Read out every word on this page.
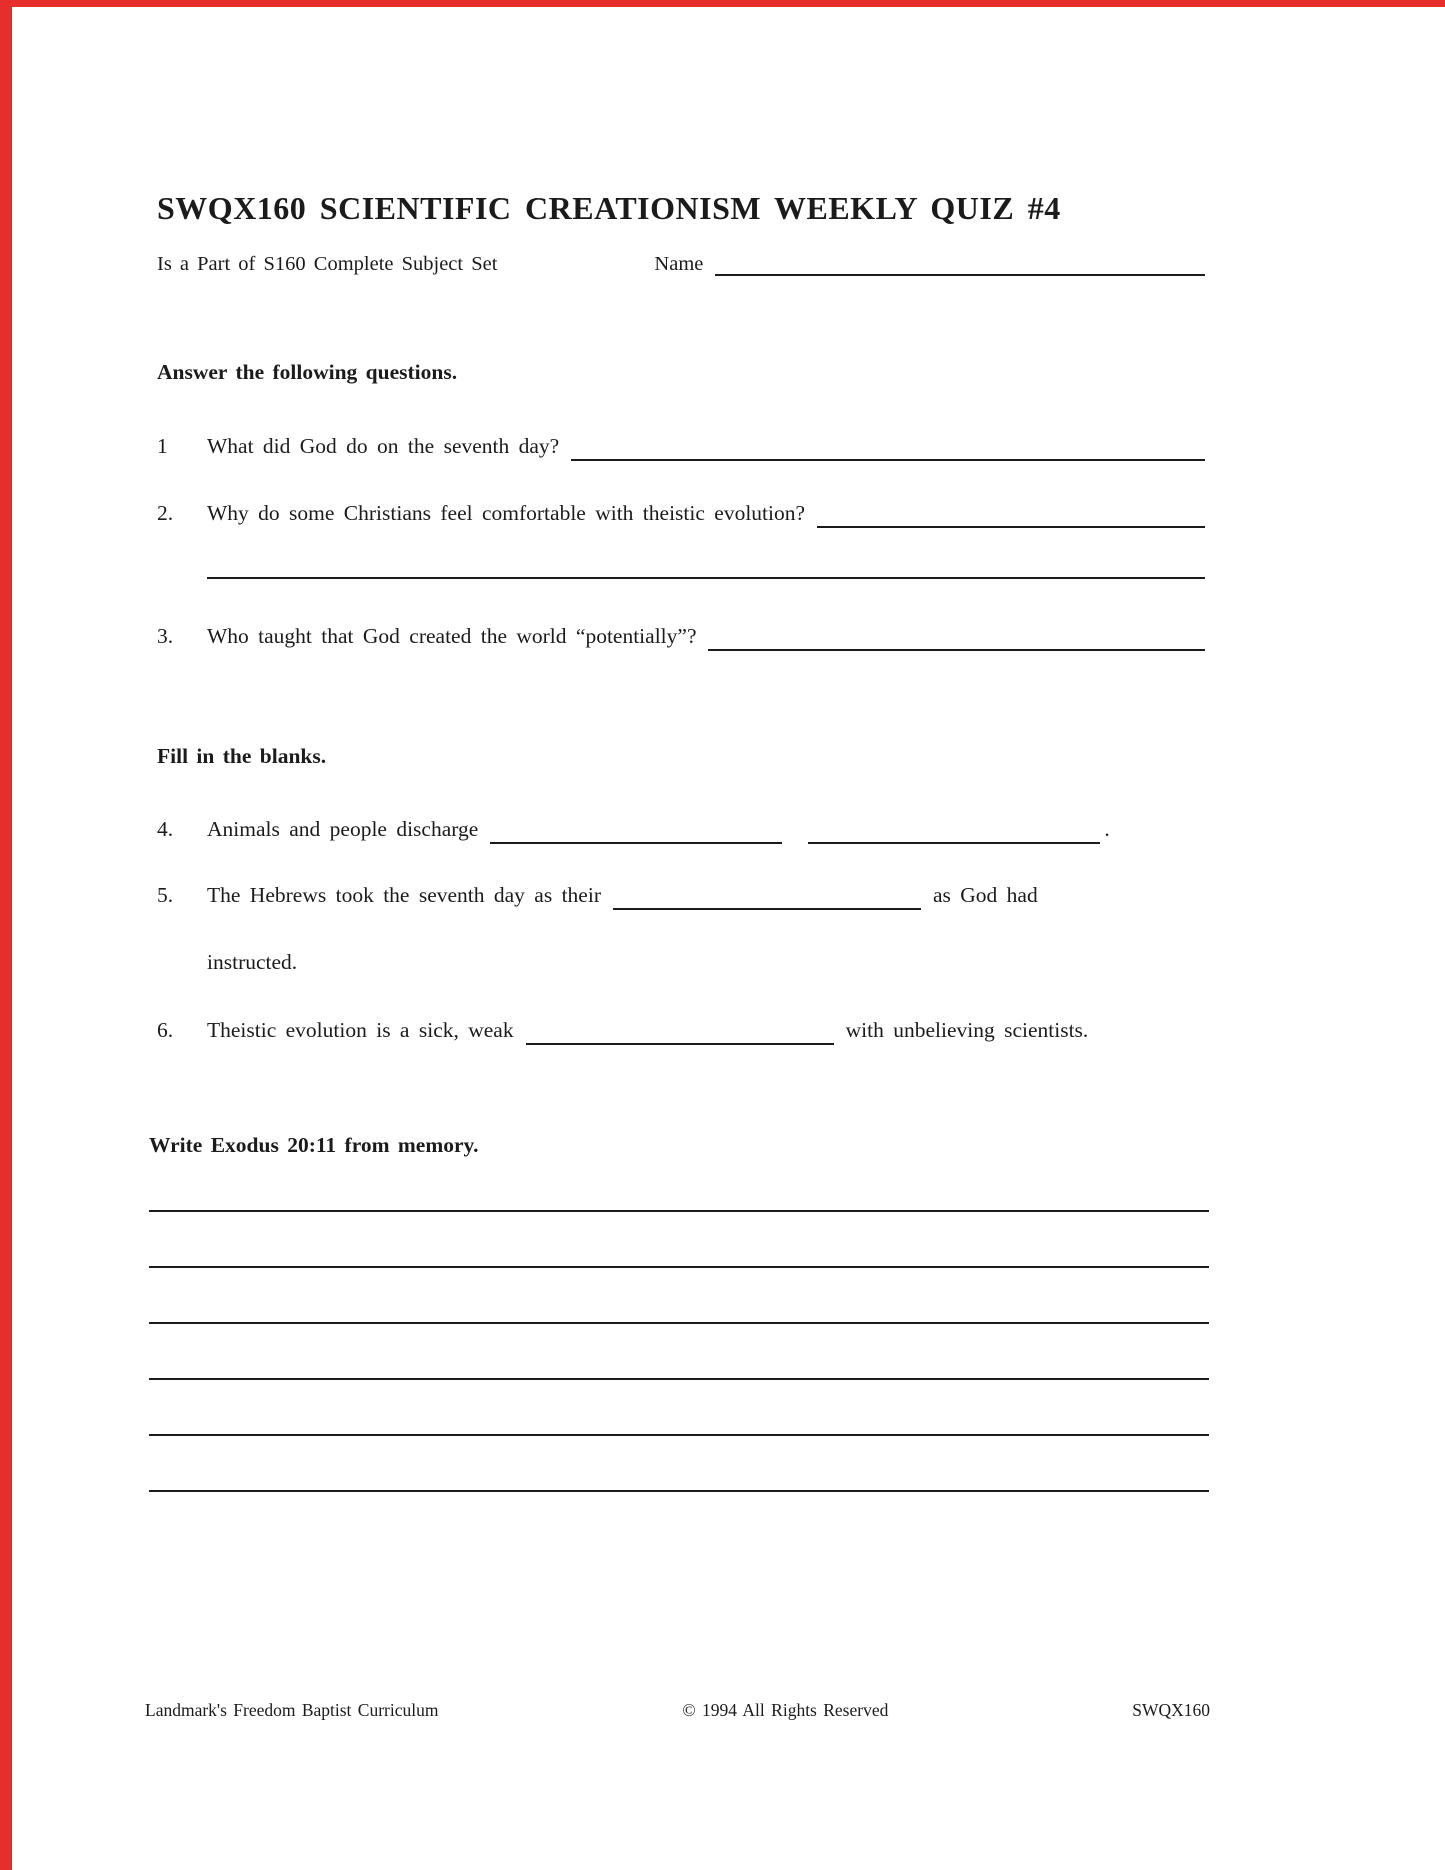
SWQX160 SCIENTIFIC CREATIONISM WEEKLY QUIZ #4
Is a Part of S160 Complete Subject Set	Name
Answer the following questions.
1	What did God do on the seventh day?
2.	Why do some Christians feel comfortable with theistic evolution?
3.	Who taught that God created the world “potentially”?
Fill in the blanks.
4.	Animals and people discharge	.
5.	The Hebrews took the seventh day as their	as God had
instructed.
6.	Theistic evolution is a sick, weak	with unbelieving scientists.
Write Exodus 20:11 from memory.
Landmark's Freedom Baptist Curriculum	© 1994 All Rights Reserved	SWQX160
